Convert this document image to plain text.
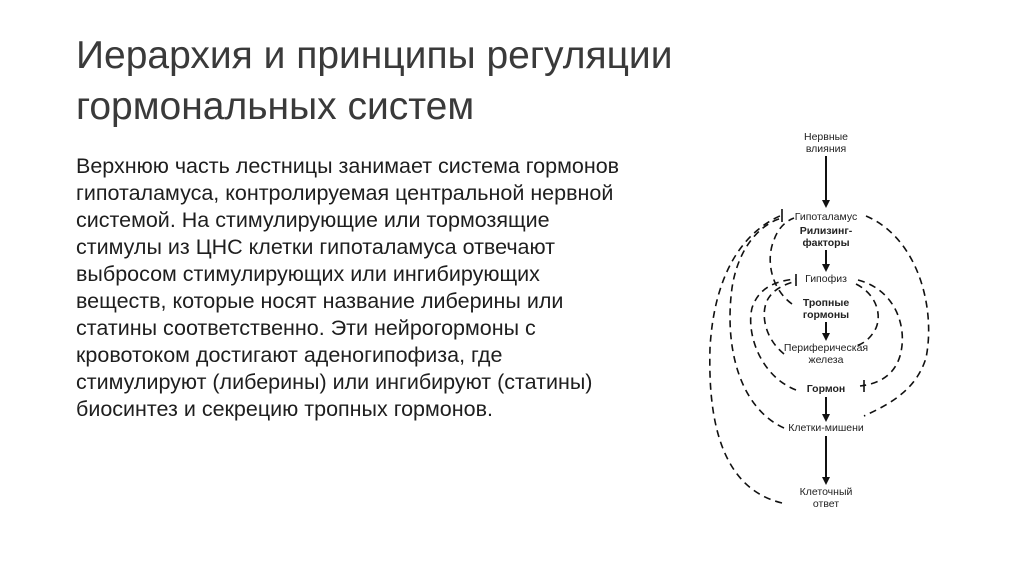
Иерархия и принципы регуляции гормональных систем

Верхнюю часть лестницы занимает система гормонов гипоталамуса, контролируемая центральной нервной системой. На стимулирующие или тормозящие стимулы из ЦНС клетки гипоталамуса отвечают выбросом стимулирующих или ингибирующих веществ, которые носят название либерины или статины соответственно. Эти нейрогормоны с кровотоком достигают аденогипофиза, где стимулируют (либерины) или ингибируют (статины) биосинтез и секрецию тропных гормонов.

Нервные
влияния
Гипоталамус
Рилизинг-
факторы
Гипофиз
Тропные
гормоны
Периферическая
железа
Гормон
Клетки-мишени
Клеточный
ответ
